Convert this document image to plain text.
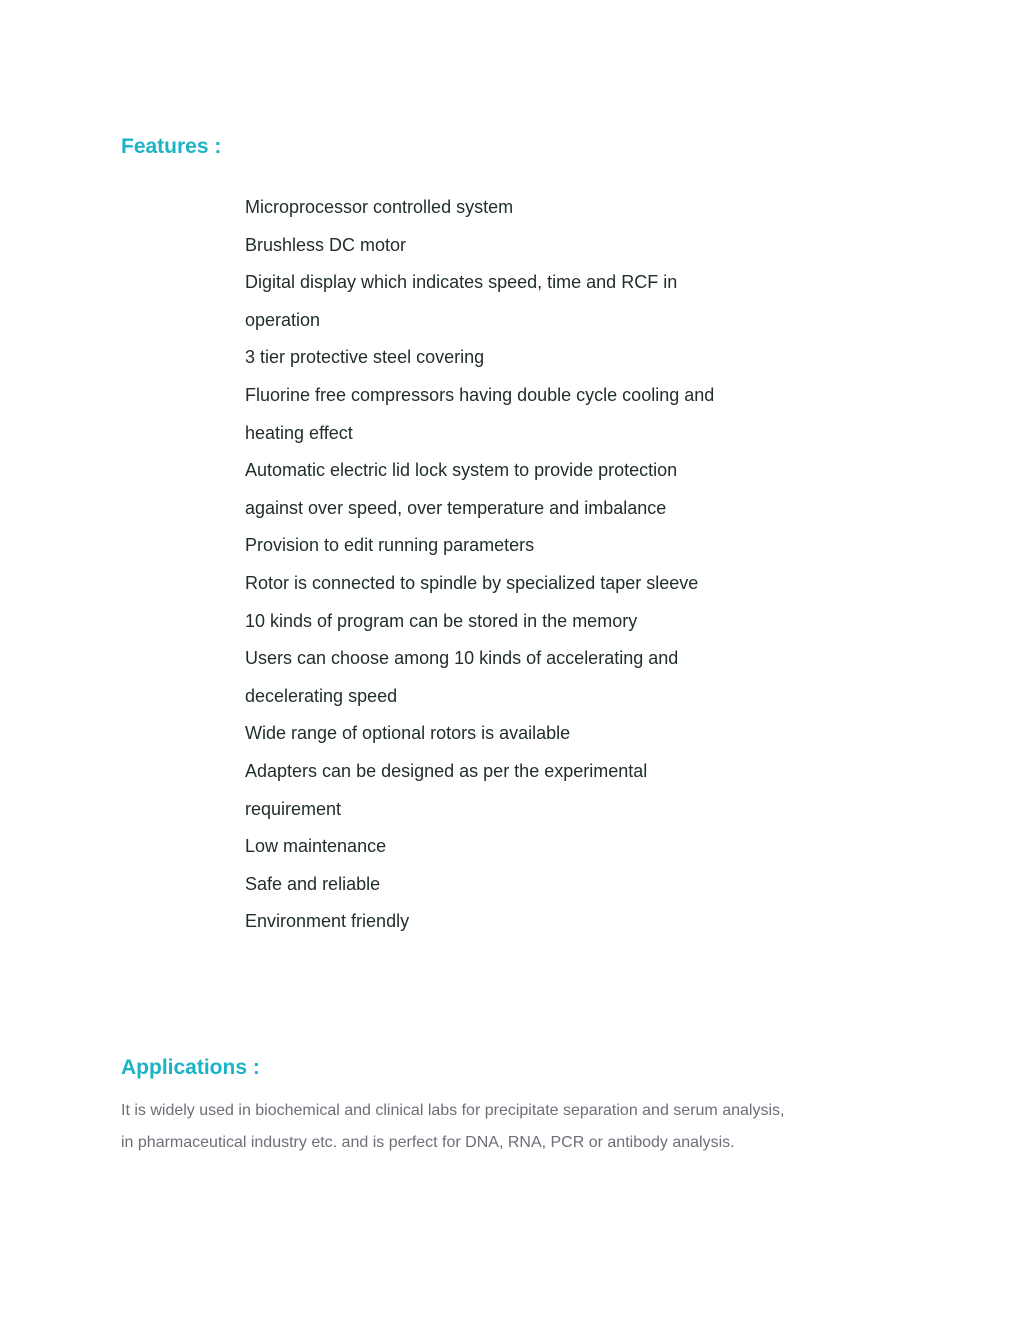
Features :
Microprocessor controlled system
Brushless DC motor
Digital display which indicates speed, time and RCF in operation
3 tier protective steel covering
Fluorine free compressors having double cycle cooling and heating effect
Automatic electric lid lock system to provide protection against over speed, over temperature and imbalance
Provision to edit running parameters
Rotor is connected to spindle by specialized taper sleeve
10 kinds of program can be stored in the memory
Users can choose among 10 kinds of accelerating and decelerating speed
Wide range of optional rotors is available
Adapters can be designed as per the experimental requirement
Low maintenance
Safe and reliable
Environment friendly
Applications :

It is widely used in biochemical and clinical labs for precipitate separation and serum analysis, in pharmaceutical industry etc. and is perfect for DNA, RNA, PCR or antibody analysis.
